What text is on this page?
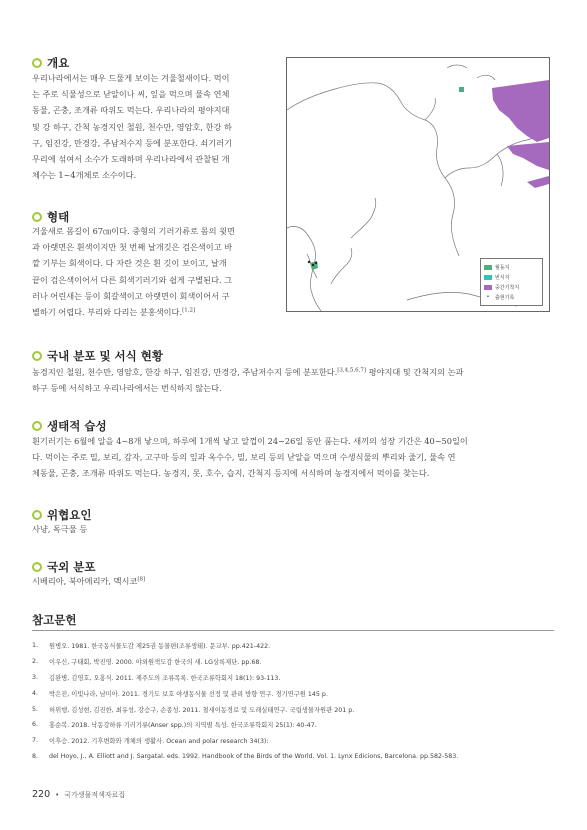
개요
우리나라에서는 매우 드물게 보이는 겨울철새이다. 먹이
는 주로 식물성으로 낟알이나 씨, 잎을 먹으며 물속 연체
동물, 곤충, 조개류 따위도 먹는다. 우리나라의 평야지대
및 강 하구, 간척 농경지인 철원, 천수만, 영암호, 한강 하
구, 임진강, 만경강, 주남저수지 등에 분포한다. 쇠기러기
무리에 섞여서 소수가 도래하며 우리나라에서 관찰된 개
체수는 1~4개체로 소수이다.
형태
겨울새로 몸길이 67㎝이다. 중형의 기러기류로 몸의 윗면
과 아랫면은 흰색이지만 첫 번째 날개깃은 검은색이고 바
깥 기부는 회색이다. 다 자란 것은 흰 깃이 보이고, 날개
끝이 검은색이어서 다른 회색기러기와 쉽게 구별된다. 그
러나 어린새는 등이 회갈색이고 아랫면이 회색이어서 구
별하기 어렵다. 부리와 다리는 분홍색이다.[1,2]
월동지
번식지
중간기착지
•	출현기록
국내 분포 및 서식 현황
농경지인 철원, 천수만, 영암호, 한강 하구, 임진강, 만경강, 주남저수지 등에 분포한다.[3,4,5,6,7] 평야지대 및 간척지의 논과
하구 등에 서식하고 우리나라에서는 번식하지 않는다.
생태적 습성
흰기러기는 6월에 알을 4~8개 낳으며, 하루에 1개씩 낳고 알껍이 24~26일 동안 품는다. 새끼의 성장 기간은 40~50일이
다. 먹이는 주로 밀, 보리, 감자, 고구마 등의 잎과 옥수수, 밀, 보리 등의 낟알을 먹으며 수생식물의 뿌리와 줄기, 물속 연
체동물, 곤충, 조개류 따위도 먹는다. 농경지, 못, 호수, 습지, 간척지 등지에 서식하며 농경지에서 먹이를 찾는다.
위협요인
사냥, 독극물 등
국외 분포
시베리아, 북아메리카, 멕시코[8]
참고문헌
1.	원병오. 1981. 한국동식물도감 제25권 동물편(조류생태). 문교부. pp.421-422.
2.	이우신, 구태회, 박진영. 2000. 야외원색도감 한국의 새. LG상록재단. pp.68.
3.	김완병, 김영호, 오홍식. 2011. 제주도의 조류목록. 한국조류학회지 18(1): 93-113.
4.	박은진, 이빛나라, 남미아. 2011. 경기도 보호 야생동식물 선정 및 관리 방향 연구. 경기연구원 145 p.
5.	허위행, 김성현, 김진한, 최유성, 강승구, 손종성. 2011. 철새이동경로 및 도래실태연구. 국립생물자원관 201 p.
6.	홍순복. 2018. 낙동강하류 기러기류(Anser spp.)의 지역별 특성. 한국조류학회지 25(1): 40-47.
7.	이후승. 2012. 기후변화와 개체의 생활사. Ocean and polar research 34(3):
8.	del Hoyo, J., A. Elliott and J. Sargatal. eds. 1992. Handbook of the Birds of the World. Vol. 1. Lynx Edicions, Barcelona. pp.582-583.
220 • 국가생물적색자료집
